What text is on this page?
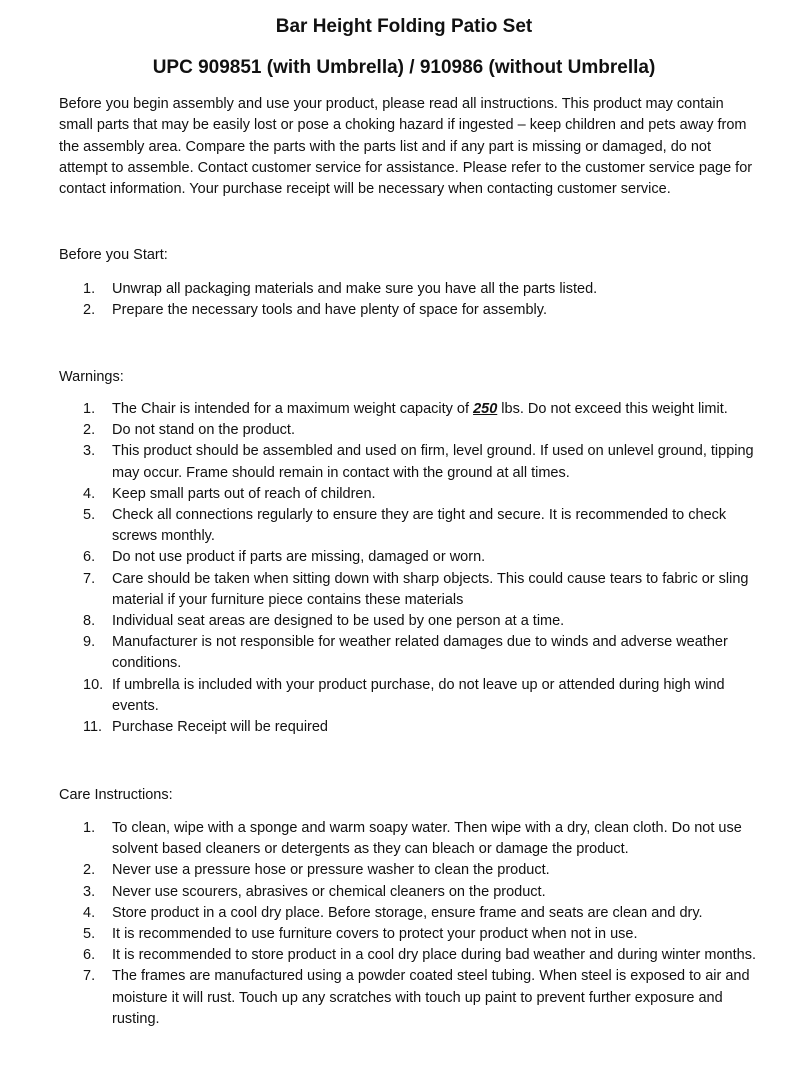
Bar Height Folding Patio Set
UPC 909851 (with Umbrella) / 910986 (without Umbrella)

Before you begin assembly and use your product, please read all instructions. This product may contain small parts that may be easily lost or pose a choking hazard if ingested – keep children and pets away from the assembly area. Compare the parts with the parts list and if any part is missing or damaged, do not attempt to assemble. Contact customer service for assistance. Please refer to the customer service page for contact information. Your purchase receipt will be necessary when contacting customer service.

Before you Start:
1. Unwrap all packaging materials and make sure you have all the parts listed.
2. Prepare the necessary tools and have plenty of space for assembly.
Warnings:
1. The Chair is intended for a maximum weight capacity of 250 lbs. Do not exceed this weight limit.
2. Do not stand on the product.
3. This product should be assembled and used on firm, level ground. If used on unlevel ground, tipping may occur. Frame should remain in contact with the ground at all times.
4. Keep small parts out of reach of children.
5. Check all connections regularly to ensure they are tight and secure. It is recommended to check screws monthly.
6. Do not use product if parts are missing, damaged or worn.
7. Care should be taken when sitting down with sharp objects. This could cause tears to fabric or sling material if your furniture piece contains these materials
8. Individual seat areas are designed to be used by one person at a time.
9. Manufacturer is not responsible for weather related damages due to winds and adverse weather conditions.
10. If umbrella is included with your product purchase, do not leave up or attended during high wind events.
11. Purchase Receipt will be required
Care Instructions:
1. To clean, wipe with a sponge and warm soapy water. Then wipe with a dry, clean cloth. Do not use solvent based cleaners or detergents as they can bleach or damage the product.
2. Never use a pressure hose or pressure washer to clean the product.
3. Never use scourers, abrasives or chemical cleaners on the product.
4. Store product in a cool dry place. Before storage, ensure frame and seats are clean and dry.
5. It is recommended to use furniture covers to protect your product when not in use.
6. It is recommended to store product in a cool dry place during bad weather and during winter months.
7. The frames are manufactured using a powder coated steel tubing. When steel is exposed to air and moisture it will rust. Touch up any scratches with touch up paint to prevent further exposure and rusting.
